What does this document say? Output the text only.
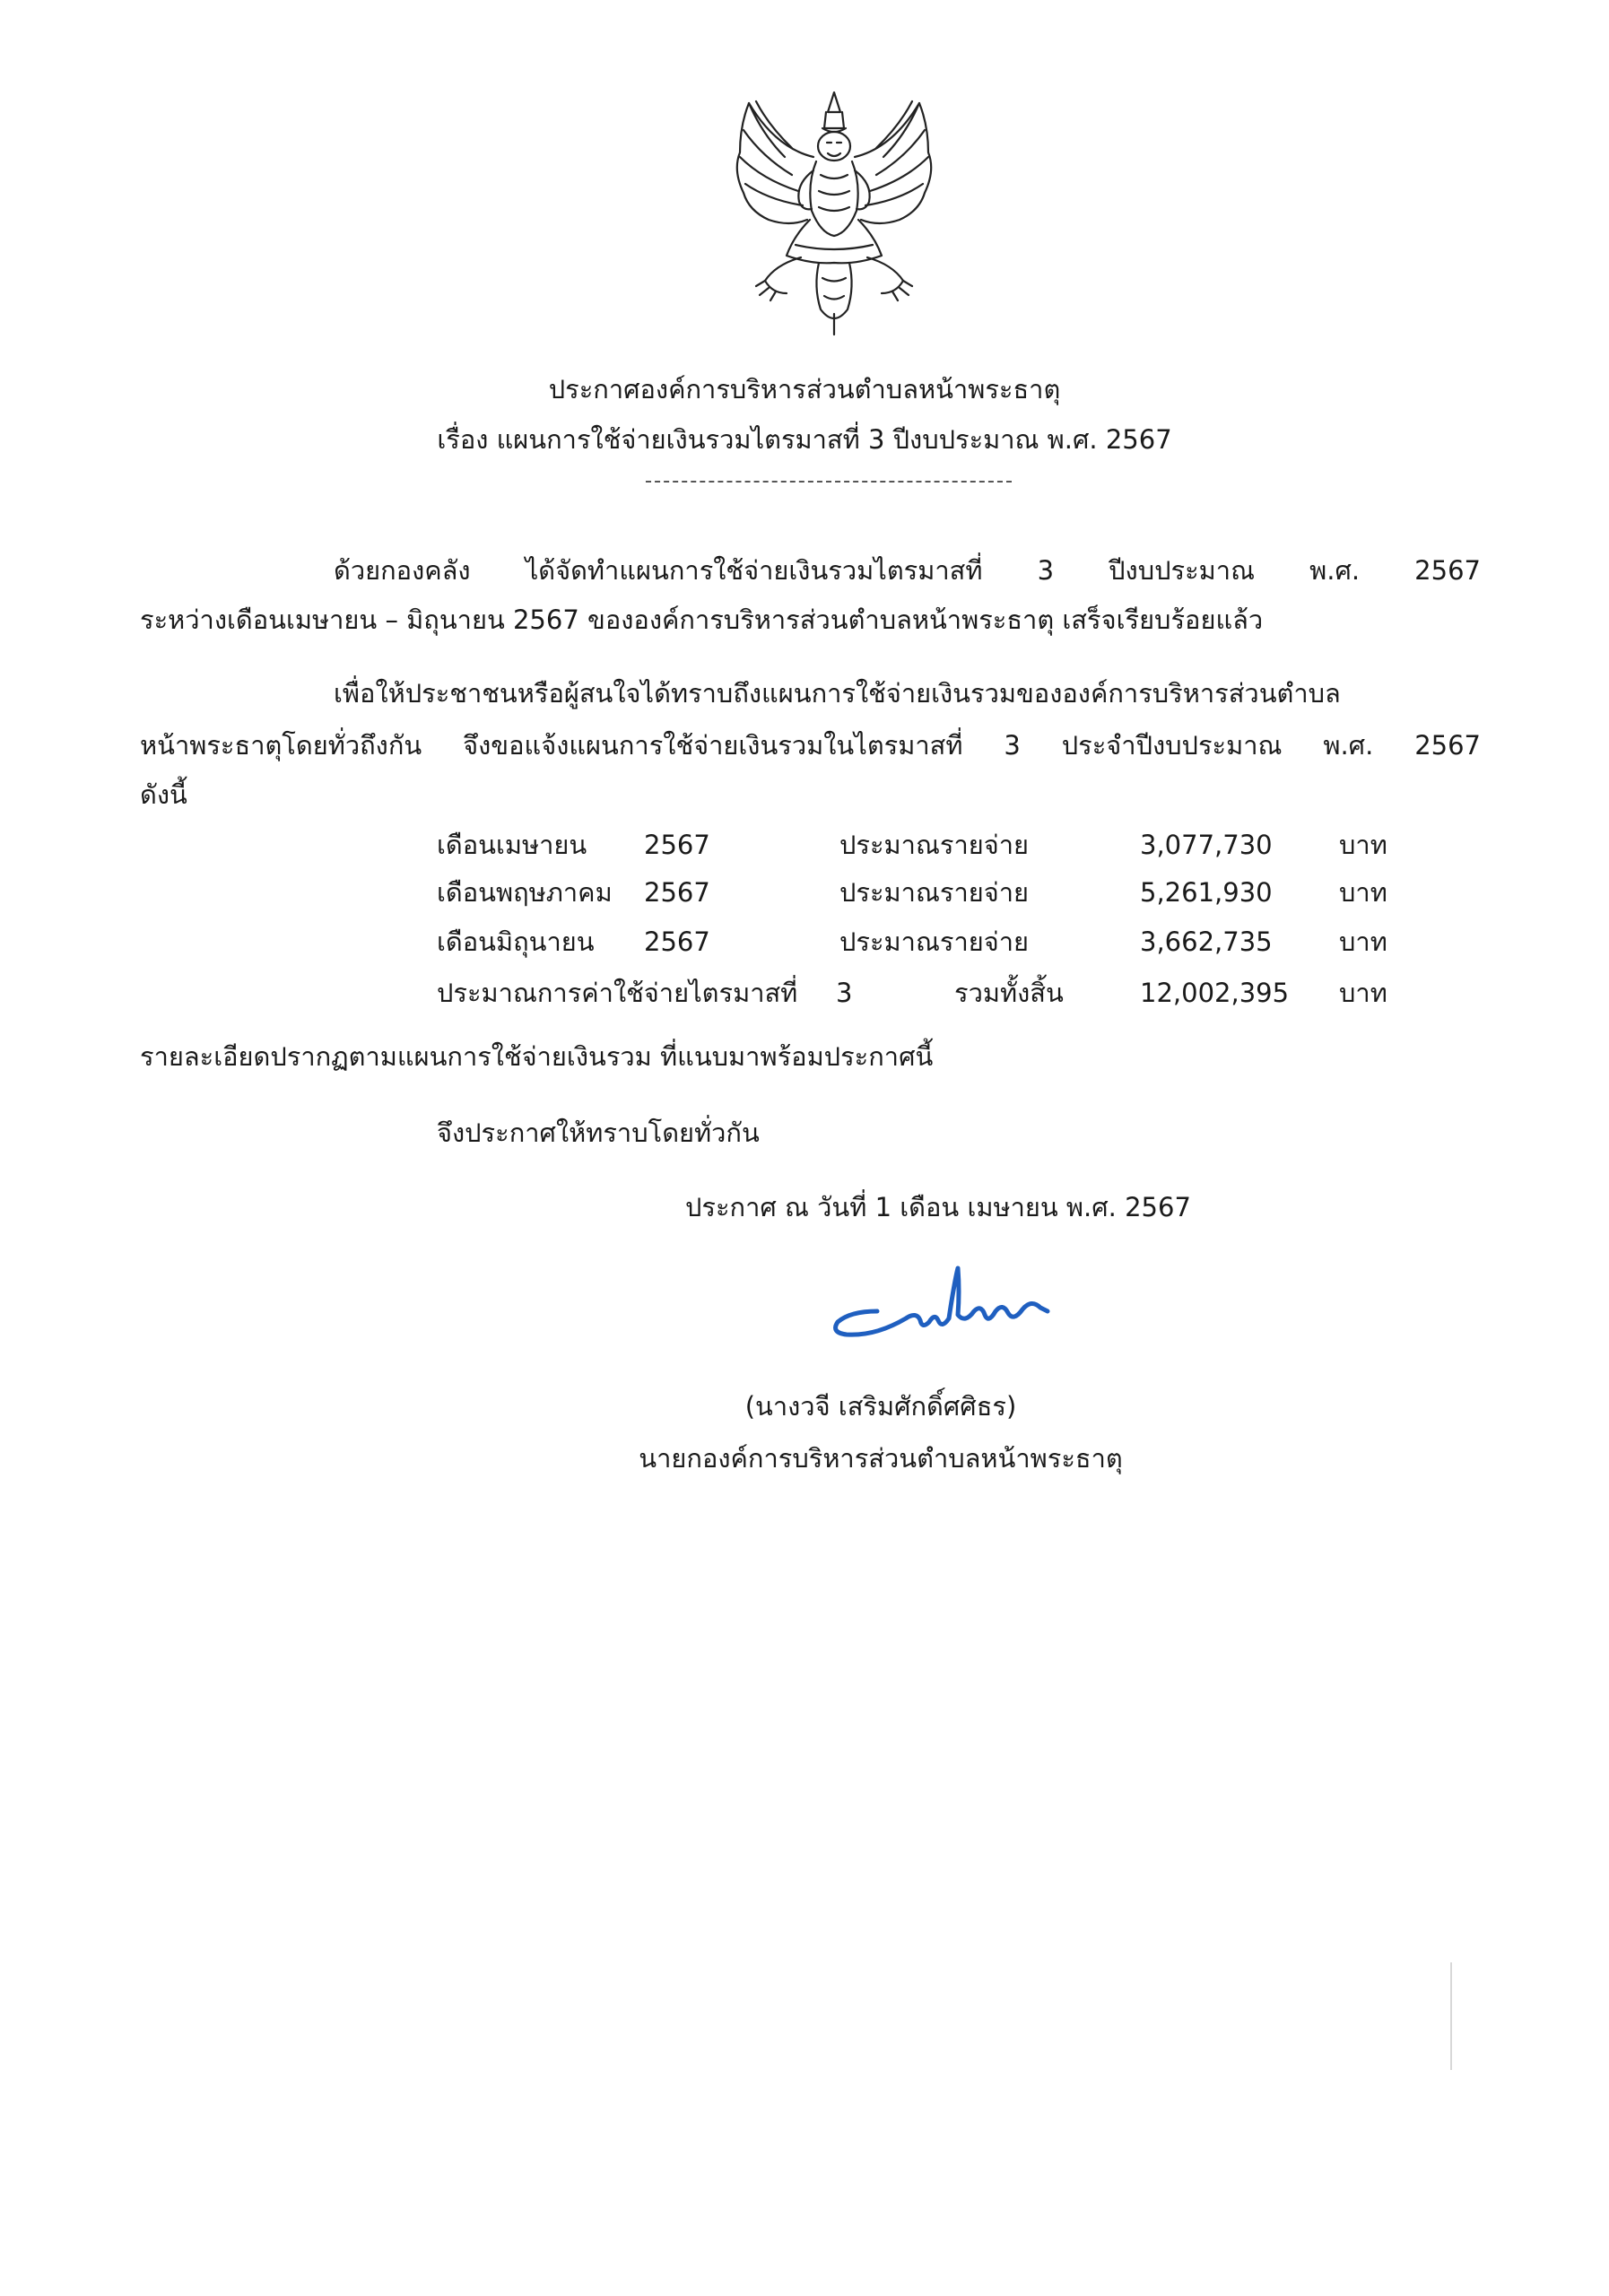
ประกาศองค์การบริหารส่วนตำบลหน้าพระธาตุ
เรื่อง แผนการใช้จ่ายเงินรวมไตรมาสที่ 3 ปีงบประมาณ พ.ศ. 2567
ด้วยกองคลัง ได้จัดทำแผนการใช้จ่ายเงินรวมไตรมาสที่ 3 ปีงบประมาณ พ.ศ. 2567
ระหว่างเดือนเมษายน – มิถุนายน 2567 ขององค์การบริหารส่วนตำบลหน้าพระธาตุ เสร็จเรียบร้อยแล้ว
เพื่อให้ประชาชนหรือผู้สนใจได้ทราบถึงแผนการใช้จ่ายเงินรวมขององค์การบริหารส่วนตำบล
หน้าพระธาตุโดยทั่วถึงกัน จึงขอแจ้งแผนการใช้จ่ายเงินรวมในไตรมาสที่ 3 ประจำปีงบประมาณ พ.ศ. 2567
ดังนี้
เดือนเมษายน 2567	ประมาณรายจ่าย	3,077,730	บาท
เดือนพฤษภาคม 2567	ประมาณรายจ่าย	5,261,930	บาท
เดือนมิถุนายน 2567	ประมาณรายจ่าย	3,662,735	บาท
ประมาณการค่าใช้จ่ายไตรมาสที่ 3	รวมทั้งสิ้น	12,002,395 บาท
รายละเอียดปรากฏตามแผนการใช้จ่ายเงินรวม ที่แนบมาพร้อมประกาศนี้
จึงประกาศให้ทราบโดยทั่วกัน
ประกาศ ณ วันที่ 1 เดือน เมษายน พ.ศ. 2567
(นางวจี เสริมศักดิ์ศศิธร)
นายกองค์การบริหารส่วนตำบลหน้าพระธาตุ
